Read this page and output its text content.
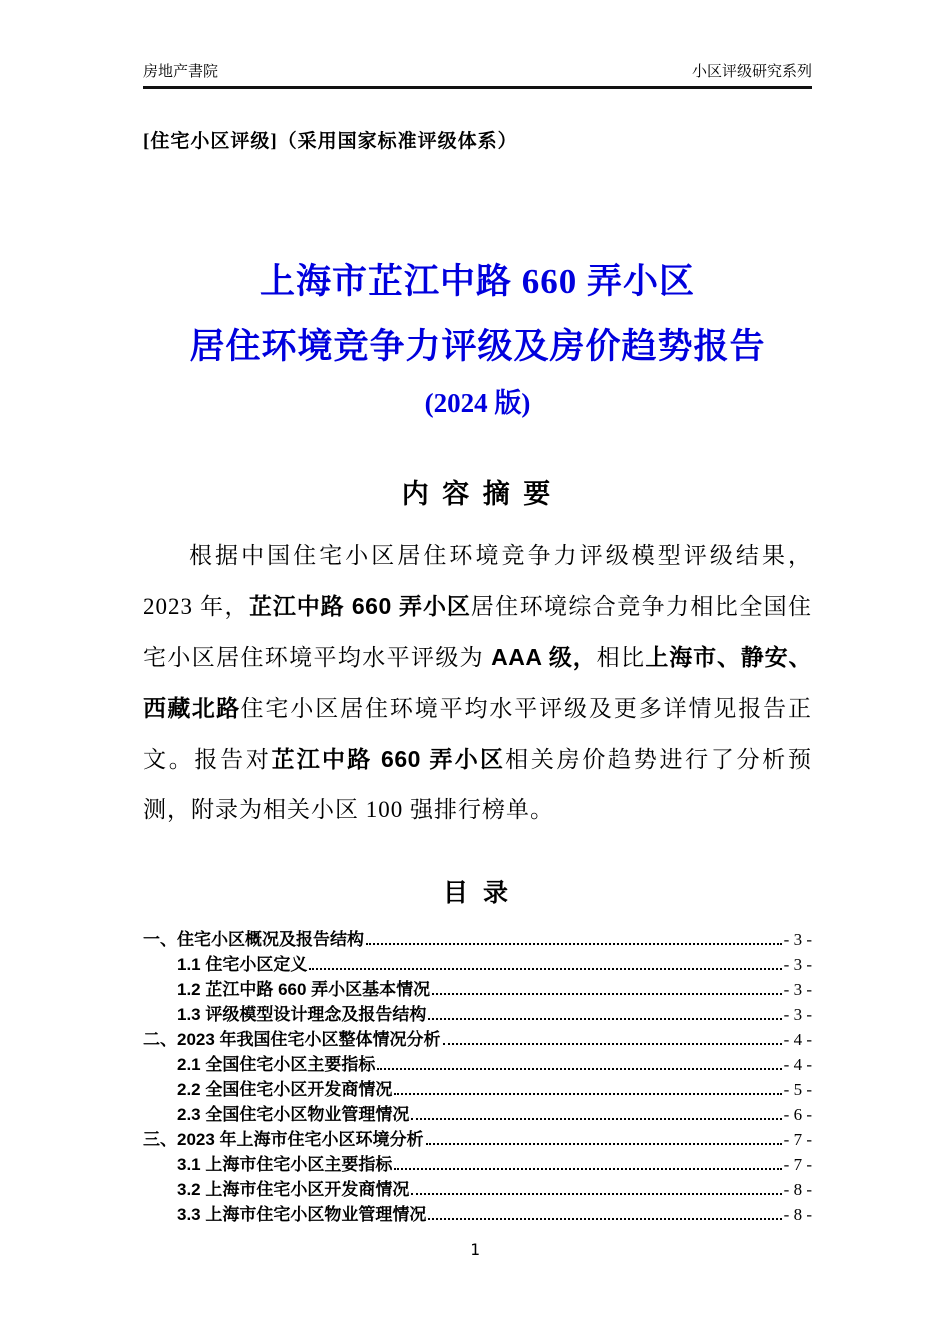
房地产書院	小区评级研究系列
[住宅小区评级]（采用国家标准评级体系）
上海市芷江中路 660 弄小区
居住环境竞争力评级及房价趋势报告
(2024 版)
内 容 摘 要

根据中国住宅小区居住环境竞争力评级模型评级结果，2023 年，芷江中路 660 弄小区居住环境综合竞争力相比全国住宅小区居住环境平均水平评级为 AAA 级，相比上海市、静安、西藏北路住宅小区居住环境平均水平评级及更多详情见报告正文。报告对芷江中路 660 弄小区相关房价趋势进行了分析预测，附录为相关小区 100 强排行榜单。

目 录
一、住宅小区概况及报告结构	- 3 -
1.1 住宅小区定义	- 3 -
1.2 芷江中路 660 弄小区基本情况	- 3 -
1.3 评级模型设计理念及报告结构	- 3 -
二、2023 年我国住宅小区整体情况分析	- 4 -
2.1 全国住宅小区主要指标	- 4 -
2.2 全国住宅小区开发商情况	- 5 -
2.3 全国住宅小区物业管理情况	- 6 -
三、2023 年上海市住宅小区环境分析	- 7 -
3.1 上海市住宅小区主要指标	- 7 -
3.2 上海市住宅小区开发商情况	- 8 -
3.3 上海市住宅小区物业管理情况	- 8 -
1
